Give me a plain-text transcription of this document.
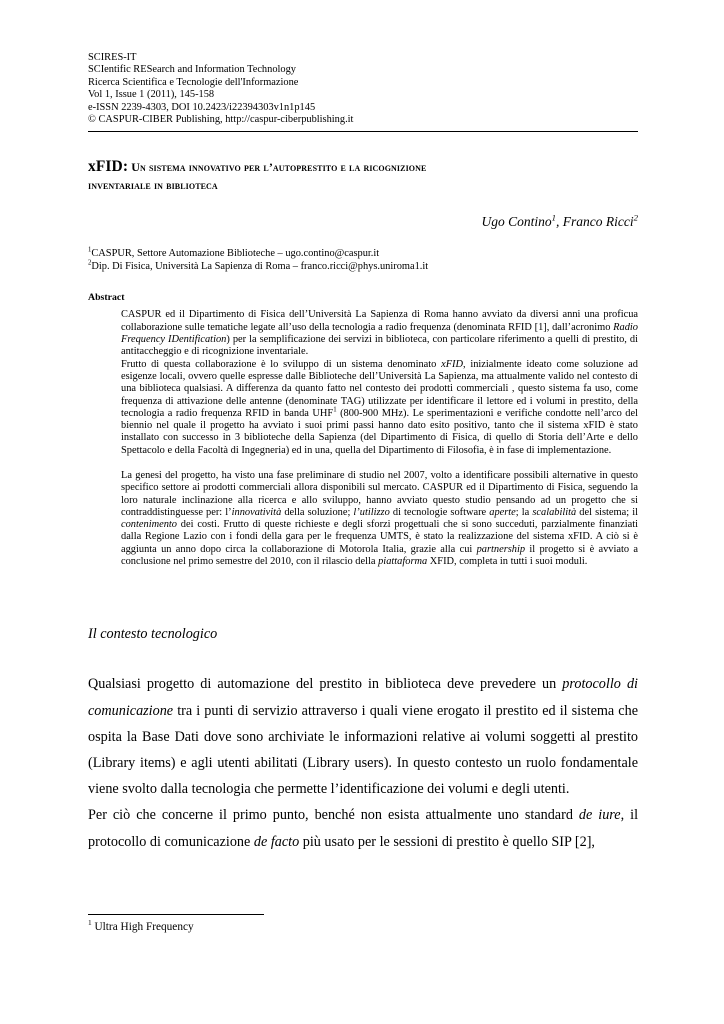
SCIRES-IT
SCIentific RESearch and Information Technology
Ricerca Scientifica e Tecnologie dell'Informazione
Vol 1, Issue 1 (2011), 145-158
e-ISSN 2239-4303, DOI 10.2423/i22394303v1n1p145
© CASPUR-CIBER Publishing, http://caspur-ciberpublishing.it
xFID: Un sistema innovativo per l’autoprestito e la ricognizione
inventariale in biblioteca
Ugo Contino$^1$, Franco Ricci$^2$
$^1$CASPUR, Settore Automazione Biblioteche – ugo.contino@caspur.it
$^2$Dip. Di Fisica, Università La Sapienza di Roma – franco.ricci@phys.uniroma1.it
Abstract

CASPUR ed il Dipartimento di Fisica dell’Università La Sapienza di Roma hanno avviato da diversi anni una proficua collaborazione sulle tematiche legate all’uso della tecnologia a radio frequenza (denominata RFID [1], dall’acronimo Radio Frequency IDentification) per la semplificazione dei servizi in biblioteca, con particolare riferimento a quelli di prestito, di antitaccheggio e di ricognizione inventariale.

Frutto di questa collaborazione è lo sviluppo di un sistema denominato xFID, inizialmente ideato come soluzione ad esigenze locali, ovvero quelle espresse dalle Biblioteche dell’Università La Sapienza, ma attualmente valido nel contesto di una biblioteca qualsiasi. A differenza da quanto fatto nel contesto dei prodotti commerciali , questo sistema fa uso, come frequenza di attivazione delle antenne (denominate TAG) utilizzate per identificare il lettore ed i volumi in prestito, della tecnologia a radio frequenza RFID in banda UHF$^1$ (800-900 MHz). Le sperimentazioni e verifiche condotte nell’arco del biennio nel quale il progetto ha avviato i suoi primi passi hanno dato esito positivo, tanto che il sistema xFID è stato installato con successo in 3 biblioteche della Sapienza (del Dipartimento di Fisica, di quello di Storia dell’Arte e dello Spettacolo e della Facoltà di Ingegneria) ed in una, quella del Dipartimento di Filosofia, è in fase di implementazione.

La genesi del progetto, ha visto una fase preliminare di studio nel 2007, volto a identificare possibili alternative in questo specifico settore ai prodotti commerciali allora disponibili sul mercato. CASPUR ed il Dipartimento di Fisica, seguendo la loro naturale inclinazione alla ricerca e allo sviluppo, hanno avviato questo studio pensando ad un progetto che si contraddistinguesse per: l’innovatività della soluzione; l’utilizzo di tecnologie software aperte; la scalabilità del sistema; il contenimento dei costi. Frutto di queste richieste e degli sforzi progettuali che si sono succeduti, parzialmente finanziati dalla Regione Lazio con i fondi della gara per le frequenza UMTS, è stato la realizzazione del sistema xFID. A ciò si è aggiunta un anno dopo circa la collaborazione di Motorola Italia, grazie alla cui partnership il progetto si è avviato a conclusione nel primo semestre del 2010, con il rilascio della piattaforma XFID, completa in tutti i suoi moduli.

Il contesto tecnologico

Qualsiasi progetto di automazione del prestito in biblioteca deve prevedere un protocollo di comunicazione tra i punti di servizio attraverso i quali viene erogato il prestito ed il sistema che ospita la Base Dati dove sono archiviate le informazioni relative ai volumi soggetti al prestito (Library items) e agli utenti abilitati (Library users). In questo contesto un ruolo fondamentale viene svolto dalla tecnologia che permette l’identificazione dei volumi e degli utenti.

Per ciò che concerne il primo punto, benché non esista attualmente uno standard de iure, il protocollo di comunicazione de facto più usato per le sessioni di prestito è quello SIP [2],

$^1$ Ultra High Frequency
